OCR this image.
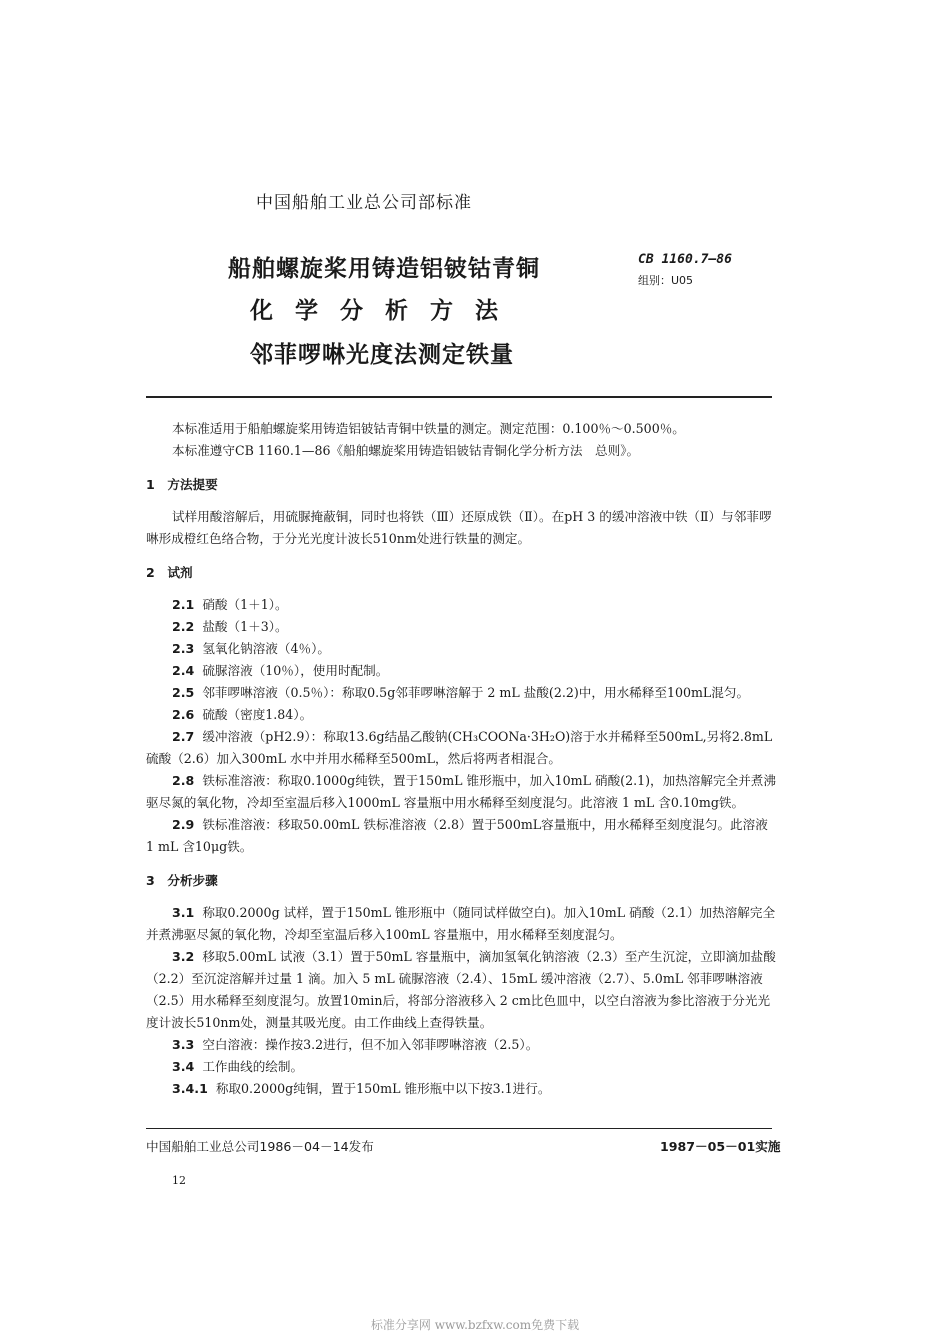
中国船舶工业总公司部标准
船舶螺旋桨用铸造铝铍钴青铜
化学分析方法
邻菲啰啉光度法测定铁量
CB 1160.7—86
组别：U05

本标准适用于船舶螺旋桨用铸造铝铍钴青铜中铁量的测定。测定范围：0.100％～0.500％。

本标准遵守CB 1160.1—86《船舶螺旋桨用铸造铝铍钴青铜化学分析方法　总则》。

1　方法提要

试样用酸溶解后，用硫脲掩蔽铜，同时也将铁（Ⅲ）还原成铁（Ⅱ）。在pH 3 的缓冲溶液中铁（Ⅱ）与邻菲啰啉形成橙红色络合物，于分光光度计波长510nm处进行铁量的测定。

2　试剂

2.1 硝酸（1＋1）。

2.2 盐酸（1＋3）。

2.3 氢氧化钠溶液（4％）。

2.4 硫脲溶液（10％），使用时配制。

2.5 邻菲啰啉溶液（0.5％）：称取0.5g邻菲啰啉溶解于 2 mL 盐酸(2.2)中，用水稀释至100mL混匀。

2.6 硫酸（密度1.84）。

2.7 缓冲溶液（pH2.9）：称取13.6g结晶乙酸钠(CH₃COONa·3H₂O)溶于水并稀释至500mL,另将2.8mL 硫酸（2.6）加入300mL 水中并用水稀释至500mL，然后将两者相混合。

2.8 铁标准溶液：称取0.1000g纯铁，置于150mL 锥形瓶中，加入10mL 硝酸(2.1)，加热溶解完全并煮沸驱尽氮的氧化物，冷却至室温后移入1000mL 容量瓶中用水稀释至刻度混匀。此溶液 1 mL 含0.10mg铁。

2.9 铁标准溶液：移取50.00mL 铁标准溶液（2.8）置于500mL容量瓶中，用水稀释至刻度混匀。此溶液 1 mL 含10μg铁。

3　分析步骤

3.1 称取0.2000g 试样，置于150mL 锥形瓶中（随同试样做空白)。加入10mL 硝酸（2.1）加热溶解完全并煮沸驱尽氮的氧化物，冷却至室温后移入100mL 容量瓶中，用水稀释至刻度混匀。

3.2 移取5.00mL 试液（3.1）置于50mL 容量瓶中，滴加氢氧化钠溶液（2.3）至产生沉淀，立即滴加盐酸（2.2）至沉淀溶解并过量 1 滴。加入 5 mL 硫脲溶液（2.4）、15mL 缓冲溶液（2.7）、5.0mL 邻菲啰啉溶液（2.5）用水稀释至刻度混匀。放置10min后，将部分溶液移入 2 cm比色皿中，以空白溶液为参比溶液于分光光度计波长510nm处，测量其吸光度。由工作曲线上查得铁量。

3.3 空白溶液：操作按3.2进行，但不加入邻菲啰啉溶液（2.5）。

3.4 工作曲线的绘制。

3.4.1 称取0.2000g纯铜，置于150mL 锥形瓶中以下按3.1进行。

中国船舶工业总公司1986－04－14发布	1987－05－01实施
12
标准分享网 www.bzfxw.com免费下载
